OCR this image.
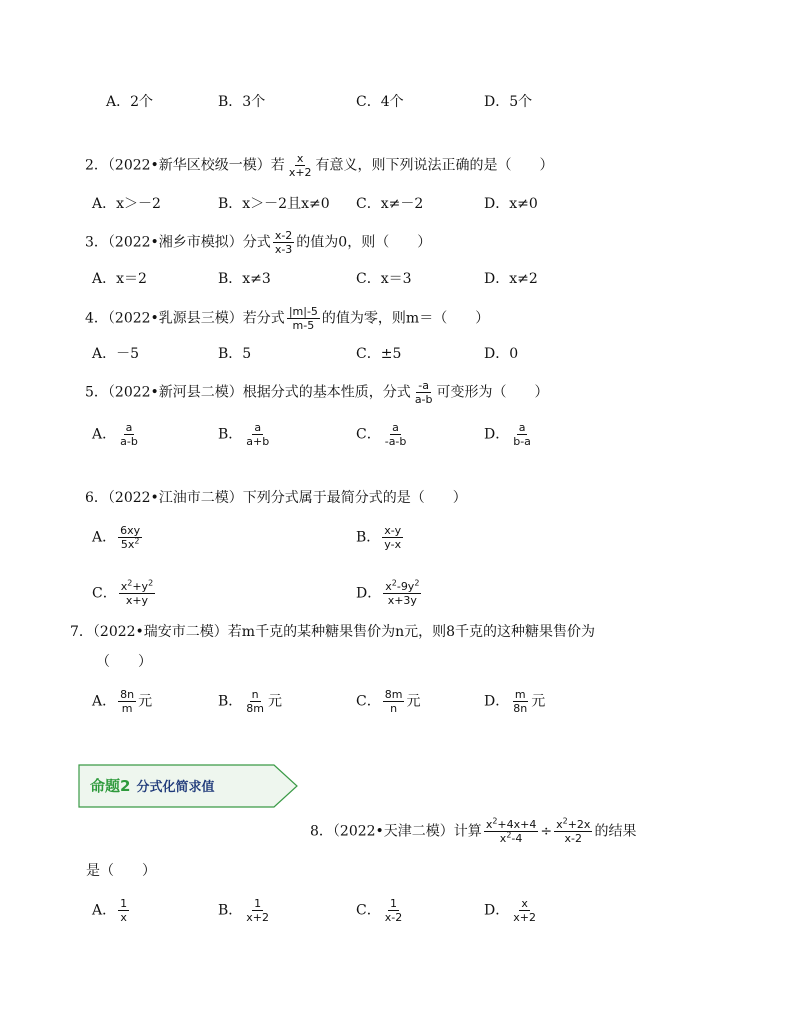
A．2个	B．3个	C．4个	D．5个
2．（2022•新华区校级一模）若 $\frac{x}{x+2}$ 有意义，则下列说法正确的是（　　）
A．x＞－2	B．x＞－2且x≠0 C．x≠－2	D．x≠0
3．（2022•湘乡市模拟）分式 $\frac{x-2}{x-3}$ 的值为0，则（　　）
A．x＝2	B．x≠3	C．x＝3	D．x≠2
4．（2022•乳源县三模）若分式 $\frac{|m|-5}{m-5}$ 的值为零，则m＝（　　）
A．－5	B．5	C．±5	D．0
5．（2022•新河县二模）根据分式的基本性质，分式 $\frac{-a}{a-b}$ 可变形为（　　）
A． $\frac{a}{a-b}$	B． $\frac{a}{a+b}$	C． $\frac{a}{-a-b}$	D． $\frac{a}{b-a}$
6．（2022•江油市二模）下列分式属于最简分式的是（　　）
A． $\frac{6xy}{5x^2}$	B． $\frac{x-y}{y-x}$
C． $\frac{x^2+y^2}{x+y}$	D． $\frac{x^2-9y^2}{x+3y}$
7．（2022•瑞安市二模）若m千克的某种糖果售价为n元，则8千克的这种糖果售价为
（　　）
A． $\frac{8n}{m}$ 元	B． $\frac{n}{8m}$ 元	C． $\frac{8m}{n}$ 元	D． $\frac{m}{8n}$ 元
命题2 分式化简求值
8．（2022•天津二模）计算 $\frac{x^2+4x+4}{x^2-4} \div \frac{x^2+2x}{x-2}$ 的结果
是（　　）
A． $\frac{1}{x}$	B． $\frac{1}{x+2}$	C． $\frac{1}{x-2}$	D． $\frac{x}{x+2}$
